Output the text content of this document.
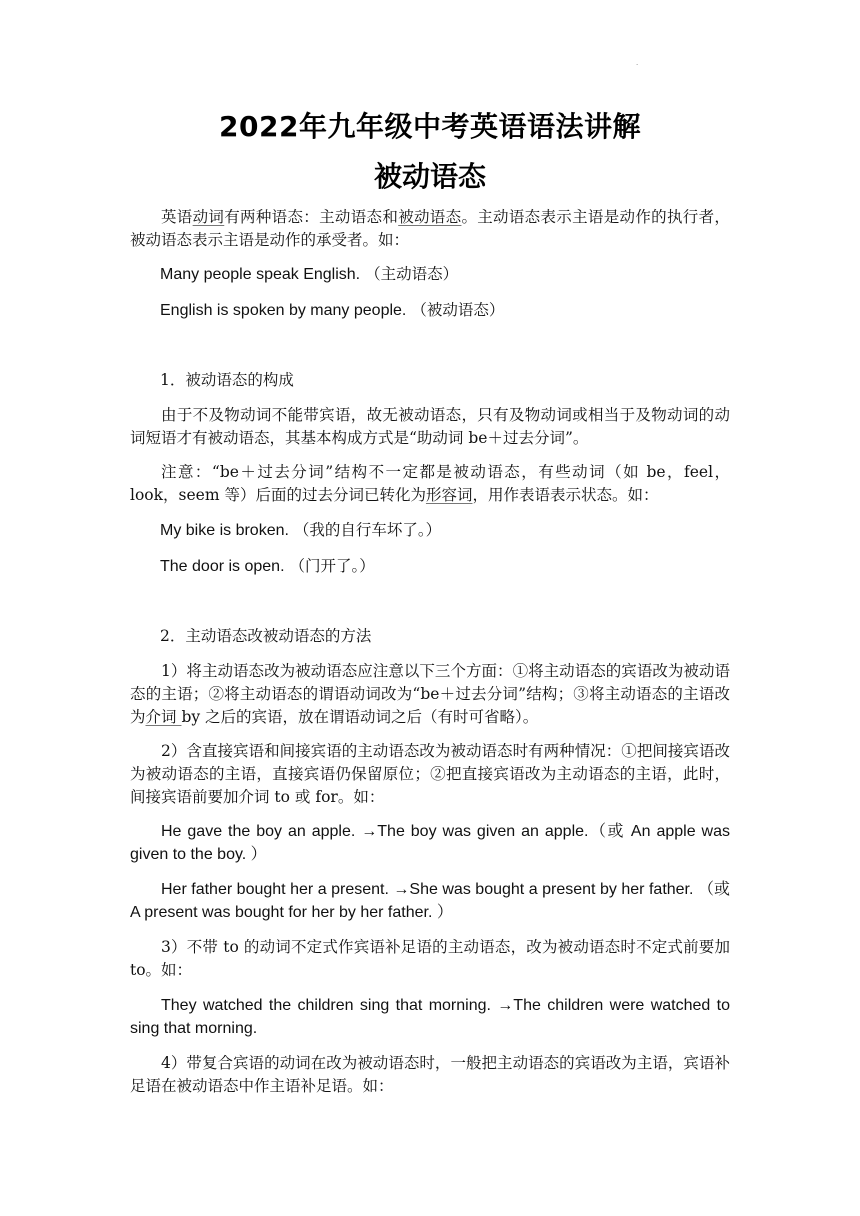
.
2022年九年级中考英语语法讲解
被动语态
英语动词有两种语态：主动语态和被动语态。主动语态表示主语是动作的执行者，被动语态表示主语是动作的承受者。如：
Many people speak English. （主动语态）
English is spoken by many people. （被动语态）
1．被动语态的构成
由于不及物动词不能带宾语，故无被动语态，只有及物动词或相当于及物动词的动词短语才有被动语态，其基本构成方式是“助动词 be＋过去分词”。
注意：“be＋过去分词”结构不一定都是被动语态，有些动词（如 be，feel，look，seem 等）后面的过去分词已转化为形容词，用作表语表示状态。如：
My bike is broken. （我的自行车坏了。）
The door is open. （门开了。）
2．主动语态改被动语态的方法
1）将主动语态改为被动语态应注意以下三个方面：①将主动语态的宾语改为被动语态的主语；②将主动语态的谓语动词改为“be＋过去分词”结构；③将主动语态的主语改为介词 by 之后的宾语，放在谓语动词之后（有时可省略）。
2）含直接宾语和间接宾语的主动语态改为被动语态时有两种情况：①把间接宾语改为被动语态的主语，直接宾语仍保留原位；②把直接宾语改为主动语态的主语，此时，间接宾语前要加介词 to 或 for。如：
He gave the boy an apple. →The boy was given an apple.（或 An apple was given to the boy. ）
Her father bought her a present. →She was bought a present by her father. （或 A present was bought for her by her father. ）
3）不带 to 的动词不定式作宾语补足语的主动语态，改为被动语态时不定式前要加 to。如：
They watched the children sing that morning. →The children were watched to sing that morning.
4）带复合宾语的动词在改为被动语态时，一般把主动语态的宾语改为主语，宾语补足语在被动语态中作主语补足语。如：
